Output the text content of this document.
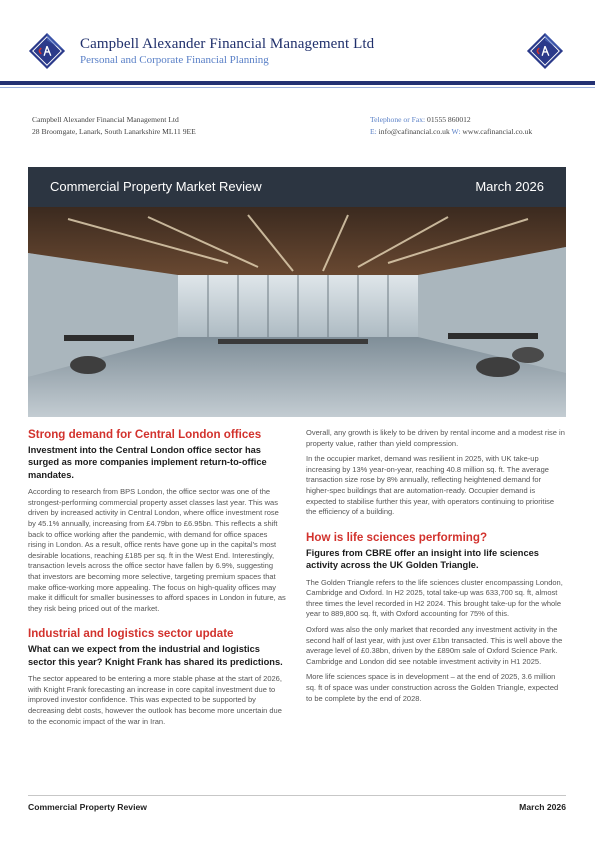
Campbell Alexander Financial Management Ltd
Personal and Corporate Financial Planning
Campbell Alexander Financial Management Ltd
28 Broomgate, Lanark, South Lanarkshire ML11 9EE
Telephone or Fax: 01555 860012
E: info@cafinancial.co.uk W: www.cafinancial.co.uk
Commercial Property Market Review	March 2026
Strong demand for Central London offices
Investment into the Central London office sector has surged as more companies implement return-to-office mandates.
According to research from BPS London, the office sector was one of the strongest-performing commercial property asset classes last year. This was driven by increased activity in Central London, where office investment rose by 45.1% annually, increasing from £4.79bn to £6.95bn. This reflects a shift back to office working after the pandemic, with demand for office spaces rising in London. As a result, office rents have gone up in the capital's most desirable locations, reaching £185 per sq. ft in the West End. Interestingly, transaction levels across the office sector have fallen by 6.9%, suggesting that investors are becoming more selective, targeting premium spaces that make office-working more appealing. The focus on high-quality offices may make it difficult for smaller businesses to afford spaces in London in future, as they risk being priced out of the market.
Industrial and logistics sector update
What can we expect from the industrial and logistics sector this year? Knight Frank has shared its predictions.
The sector appeared to be entering a more stable phase at the start of 2026, with Knight Frank forecasting an increase in core capital investment due to improved investor confidence. This was expected to be supported by decreasing debt costs, however the outlook has become more uncertain due to the economic impact of the war in Iran.
Overall, any growth is likely to be driven by rental income and a modest rise in property value, rather than yield compression.
In the occupier market, demand was resilient in 2025, with UK take-up increasing by 13% year-on-year, reaching 40.8 million sq. ft. The average transaction size rose by 8% annually, reflecting heightened demand for higher-spec buildings that are automation-ready. Occupier demand is expected to stabilise further this year, with operators continuing to prioritise the efficiency of a building.
How is life sciences performing?
Figures from CBRE offer an insight into life sciences activity across the UK Golden Triangle.
The Golden Triangle refers to the life sciences cluster encompassing London, Cambridge and Oxford. In H2 2025, total take-up was 633,700 sq. ft, almost three times the level recorded in H2 2024. This brought take-up for the whole year to 889,800 sq. ft, with Oxford accounting for 75% of this.
Oxford was also the only market that recorded any investment activity in the second half of last year, with just over £1bn transacted. This is well above the average level of £0.38bn, driven by the £890m sale of Oxford Science Park. Cambridge and London did see notable investment activity in H1 2025.
More life sciences space is in development – at the end of 2025, 3.6 million sq. ft of space was under construction across the Golden Triangle, expected to be complete by the end of 2028.
Commercial Property Review	March 2026
